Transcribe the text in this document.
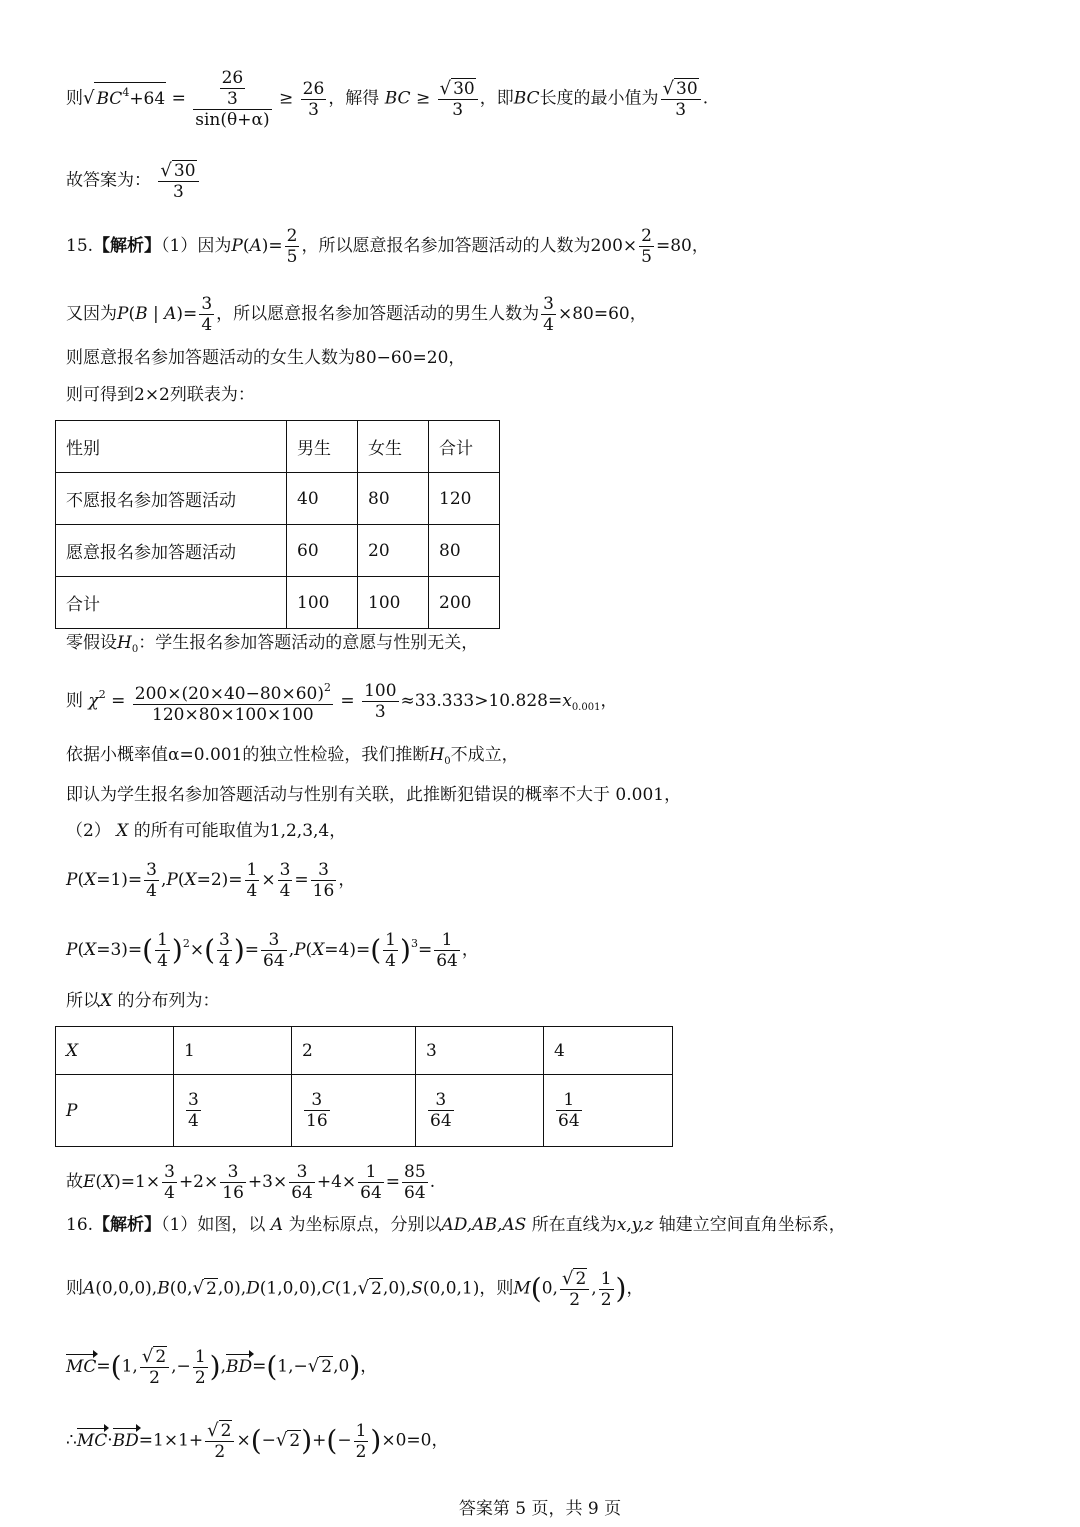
则√ $BC^4+64 = \frac{\frac{26}{3}}{\sin(\theta+\alpha)} \ge \frac{26}{3}$ ，解得 BC ≥ $\frac{√ 30}{3}$ ，即BC长度的最小值为 $\frac{√ 30}{3}$ .
故答案为： $\frac{√ 30}{3}$
15.【解析】（1）因为$P(A)= \frac{2}{5}$ ，所以愿意报名参加答题活动的人数为$200\times \frac{2}{5} =80$，
又因为P(B | $A)= \frac{3}{4}$ ，所以愿意报名参加答题活动的男生人数为 $\frac{3}{4} \times 80=60$，
则愿意报名参加答题活动的女生人数为80−60=20，
则可得到2×2列联表为：
性别	男生	女生	合计
不愿报名参加答题活动	40	80	120
愿意报名参加答题活动	60	20	80
合计	100	100	200
零假设$H_0$：学生报名参加答题活动的意愿与性别无关，
则 $\chi^2 = \frac{200\times(20\times 40-80\times 60)^2}{120\times 80\times 100\times 100} = \frac{100}{3} \approx 33.333>10.828=x_{0.001}$，
依据小概率值α=0.001的独立性检验，我们推断$H_0$不成立，
即认为学生报名参加答题活动与性别有关联，此推断犯错误的概率不大于 0.001，
（2） X 的所有可能取值为1,2,3,4，
$P(X=1)= \frac{3}{4} ,P(X=2)= \frac{1}{4} \times \frac{3}{4} = \frac{3}{16}$ ，
$P(X=3)=( \frac{1}{4} )^2\times( \frac{3}{4}$ )= $\frac{3}{64} ,P(X=4)=( \frac{1}{4} )^3= \frac{1}{64}$ ，
所以X 的分布列为：
X	1	2	3	4
P	$\frac{3}{4}$	$\frac{3}{16}$	$\frac{3}{64}$	$\frac{1}{64}$
故$E(X)=1\times \frac{3}{4} +2\times \frac{3}{16} +3\times \frac{3}{64} +4\times \frac{1}{64} = \frac{85}{64}$ .
16.【解析】（1）如图，以 A 为坐标原点，分别以AD,AB,AS 所在直线为x,y,z 轴建立空间直角坐标系，
则A(0,0,0),B(0,√ 2,0),D(1,0,0),C(1,√ 2,0),S(0,0,1)，则M(0, $\frac{√ 2}{2}$ , $\frac{1}{2}$ )，
MC=(1, $\frac{√ 2}{2}$ ,− $\frac{1}{2} ),BD=(1,-√$ 2,0)，
∴MC·BD=1×1+ $\frac{√ 2}{2}$ ×(−√ $2)+(- \frac{1}{2} )\times 0=0$，
答案第 5 页，共 9 页
